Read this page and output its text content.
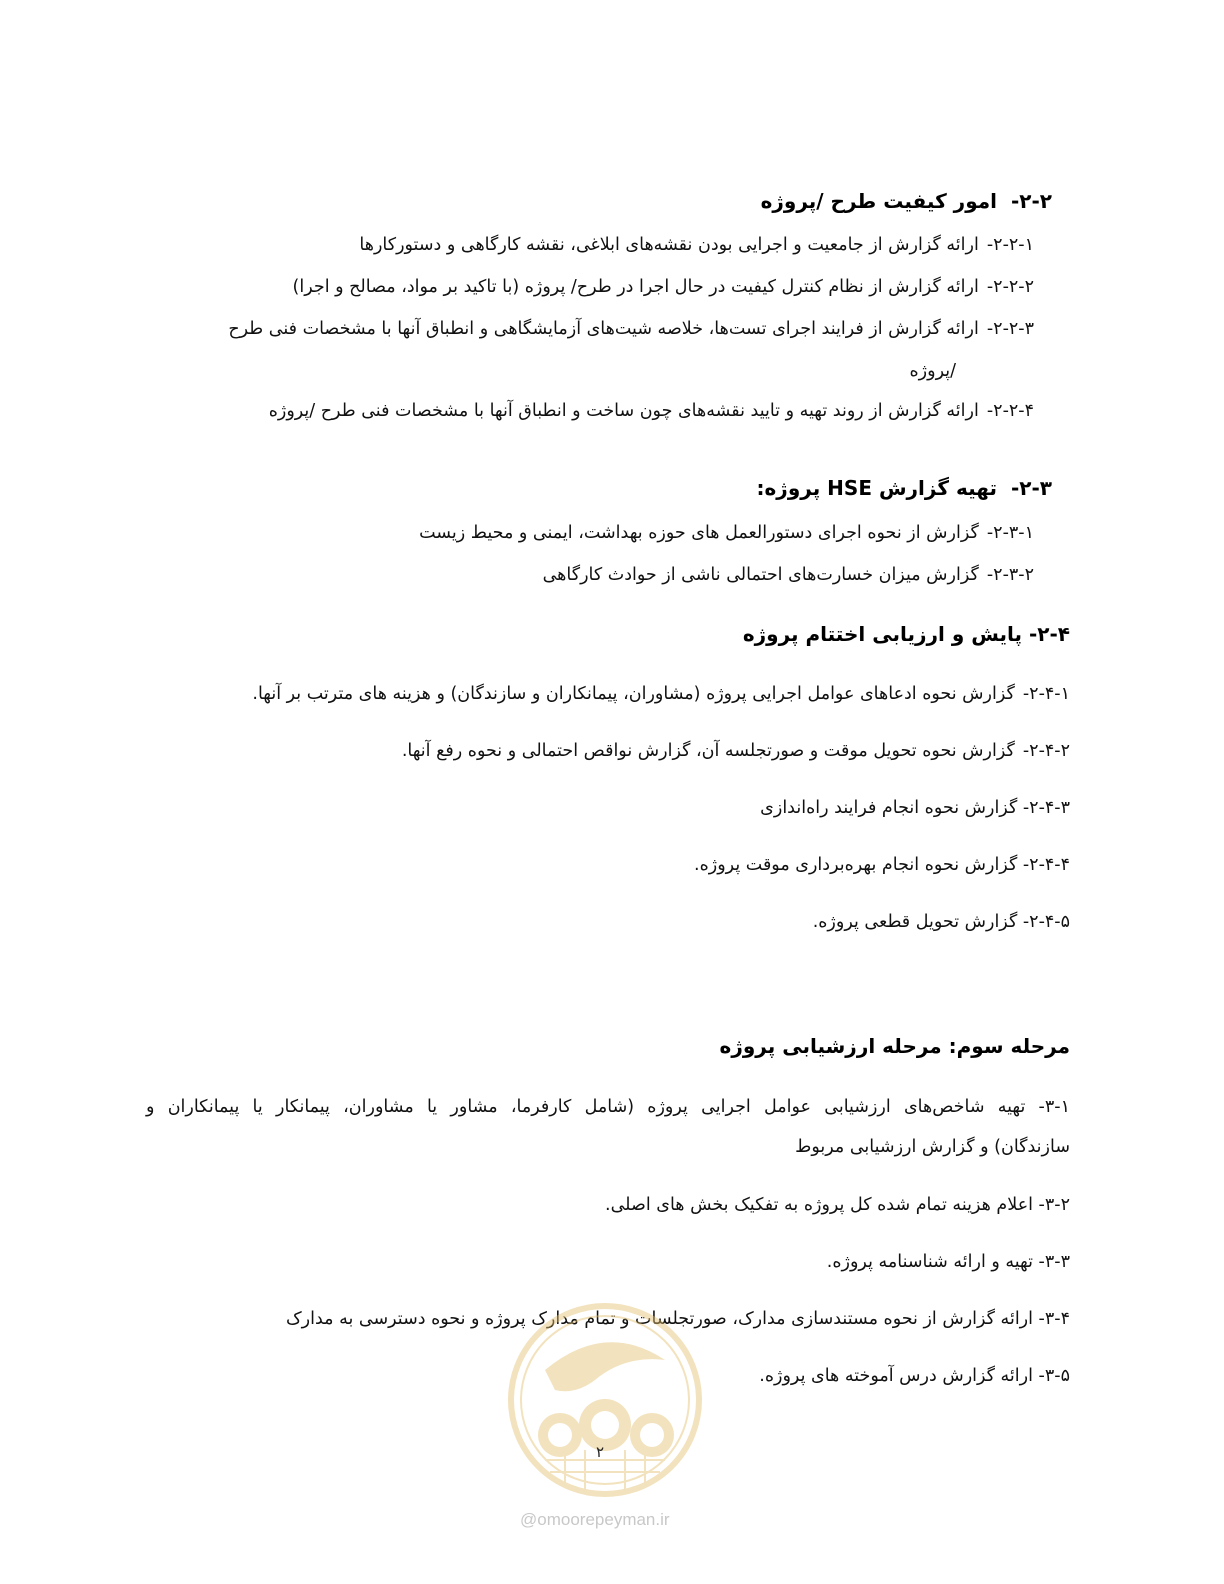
۲-۲-امور کیفیت طرح /پروژه
۲-۲-۱-ارائه گزارش از جامعیت و اجرایی بودن نقشه‌های ابلاغی، نقشه کارگاهی و دستورکارها
۲-۲-۲-ارائه گزارش از نظام کنترل کیفیت در حال اجرا در طرح/ پروژه (با تاکید بر مواد، مصالح و اجرا)
۲-۲-۳-ارائه گزارش از فرایند اجرای تست‌ها، خلاصه شیت‌های آزمایشگاهی و انطباق آنها با مشخصات فنی طرح
/پروژه
۲-۲-۴-ارائه گزارش از روند تهیه و تایید نقشه‌های چون ساخت و انطباق آنها با مشخصات فنی طرح /پروژه
۲-۳-تهیه گزارش HSE پروژه:
۲-۳-۱-گزارش از نحوه اجرای دستورالعمل های حوزه بهداشت، ایمنی و محیط زیست
۲-۳-۲-گزارش میزان خسارت‌های احتمالی ناشی از حوادث کارگاهی
۲-۴- پایش و ارزیابی اختتام پروژه
۲-۴-۱-گزارش نحوه ادعاهای عوامل اجرایی پروژه (مشاوران، پیمانکاران و سازندگان) و هزینه های مترتب بر آنها.
۲-۴-۲-گزارش نحوه تحویل موقت و صورتجلسه آن، گزارش نواقص احتمالی و نحوه رفع آنها.
۲-۴-۳- گزارش نحوه انجام فرایند راه‌اندازی
۲-۴-۴- گزارش نحوه انجام بهره‌برداری موقت پروژه.
۲-۴-۵- گزارش تحویل قطعی پروژه.
مرحله سوم: مرحله ارزشیابی پروژه
۳-۱- تهیه شاخص‌های ارزشیابی عوامل اجرایی پروژه (شامل کارفرما، مشاور یا مشاوران، پیمانکار یا پیمانکاران و
سازندگان) و گزارش ارزشیابی مربوط
۳-۲- اعلام هزینه تمام شده کل پروژه به تفکیک بخش های اصلی.
۳-۳- تهیه و ارائه شناسنامه پروژه.
۳-۴- ارائه گزارش از نحوه مستندسازی مدارک، صورتجلسات و تمام مدارک پروژه و نحوه دسترسی به مدارک
۳-۵- ارائه گزارش درس آموخته های پروژه.
۲
@omoorepeyman.ir
